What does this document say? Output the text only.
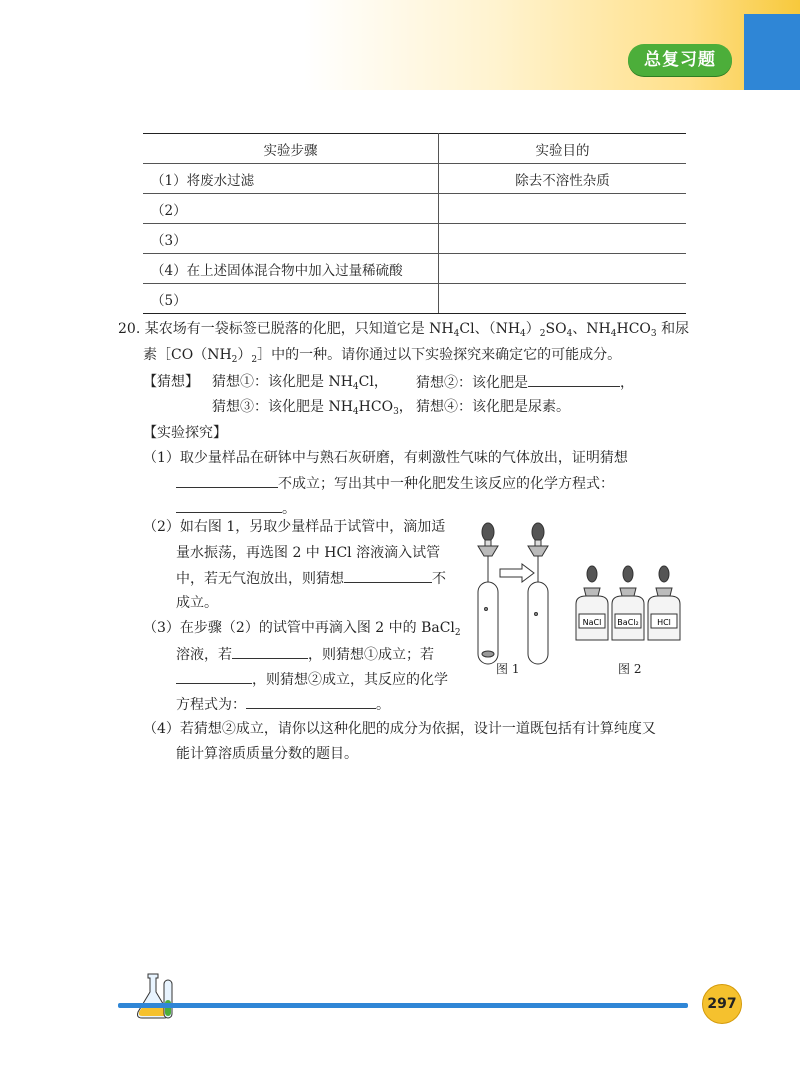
总复习题
实验步骤	实验目的
（1）将废水过滤	除去不溶性杂质
（2）	
（3）	
（4）在上述固体混合物中加入过量稀硫酸	
（5）	
20. 某农场有一袋标签已脱落的化肥，只知道它是 $NH_4Cl$、$(NH_4)_2SO_4$、$NH_4HCO_3$ 和尿
素$[CO(NH_2)_2]$中的一种。请你通过以下实验探究来确定它的可能成分。
【猜想】 猜想①：该化肥是 $NH_4Cl$， 猜想②：该化肥是	，
猜想③：该化肥是 $NH_4HCO_3$， 猜想④：该化肥是尿素。
【实验探究】
（1）取少量样品在研钵中与熟石灰研磨，有刺激性气味的气体放出，证明猜想
不成立；写出其中一种化肥发生该反应的化学方程式：
。
（2）如右图 1，另取少量样品于试管中，滴加适
量水振荡，再选图 2 中 HCl 溶液滴入试管
中，若无气泡放出，则猜想	不
成立。
（3）在步骤（2）的试管中再滴入图 2 中的 BaCl$_2$
溶液，若	，则猜想①成立；若
，则猜想②成立，其反应的化学
方程式为：	。
（4）若猜想②成立，请你以这种化肥的成分为依据，设计一道既包括有计算纯度又
能计算溶质质量分数的题目。
NaCl BaCl₂ HCl
图 1	图 2
297
